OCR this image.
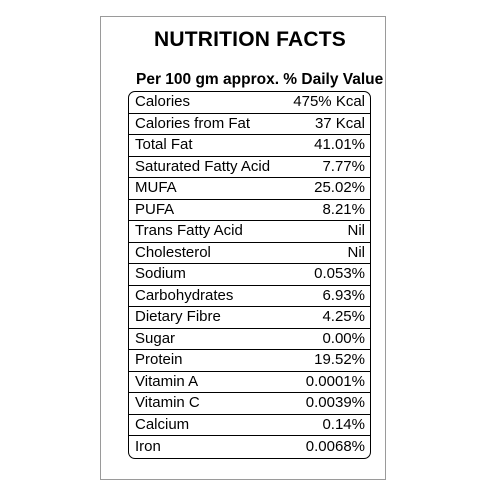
NUTRITION FACTS
Per 100 gm approx. % Daily Value
Calories	475% Kcal
Calories from Fat	37 Kcal
Total Fat	41.01%
Saturated Fatty Acid	7.77%
MUFA	25.02%
PUFA	8.21%
Trans Fatty Acid	Nil
Cholesterol	Nil
Sodium	0.053%
Carbohydrates	6.93%
Dietary Fibre	4.25%
Sugar	0.00%
Protein	19.52%
Vitamin A	0.0001%
Vitamin C	0.0039%
Calcium	0.14%
Iron	0.0068%
